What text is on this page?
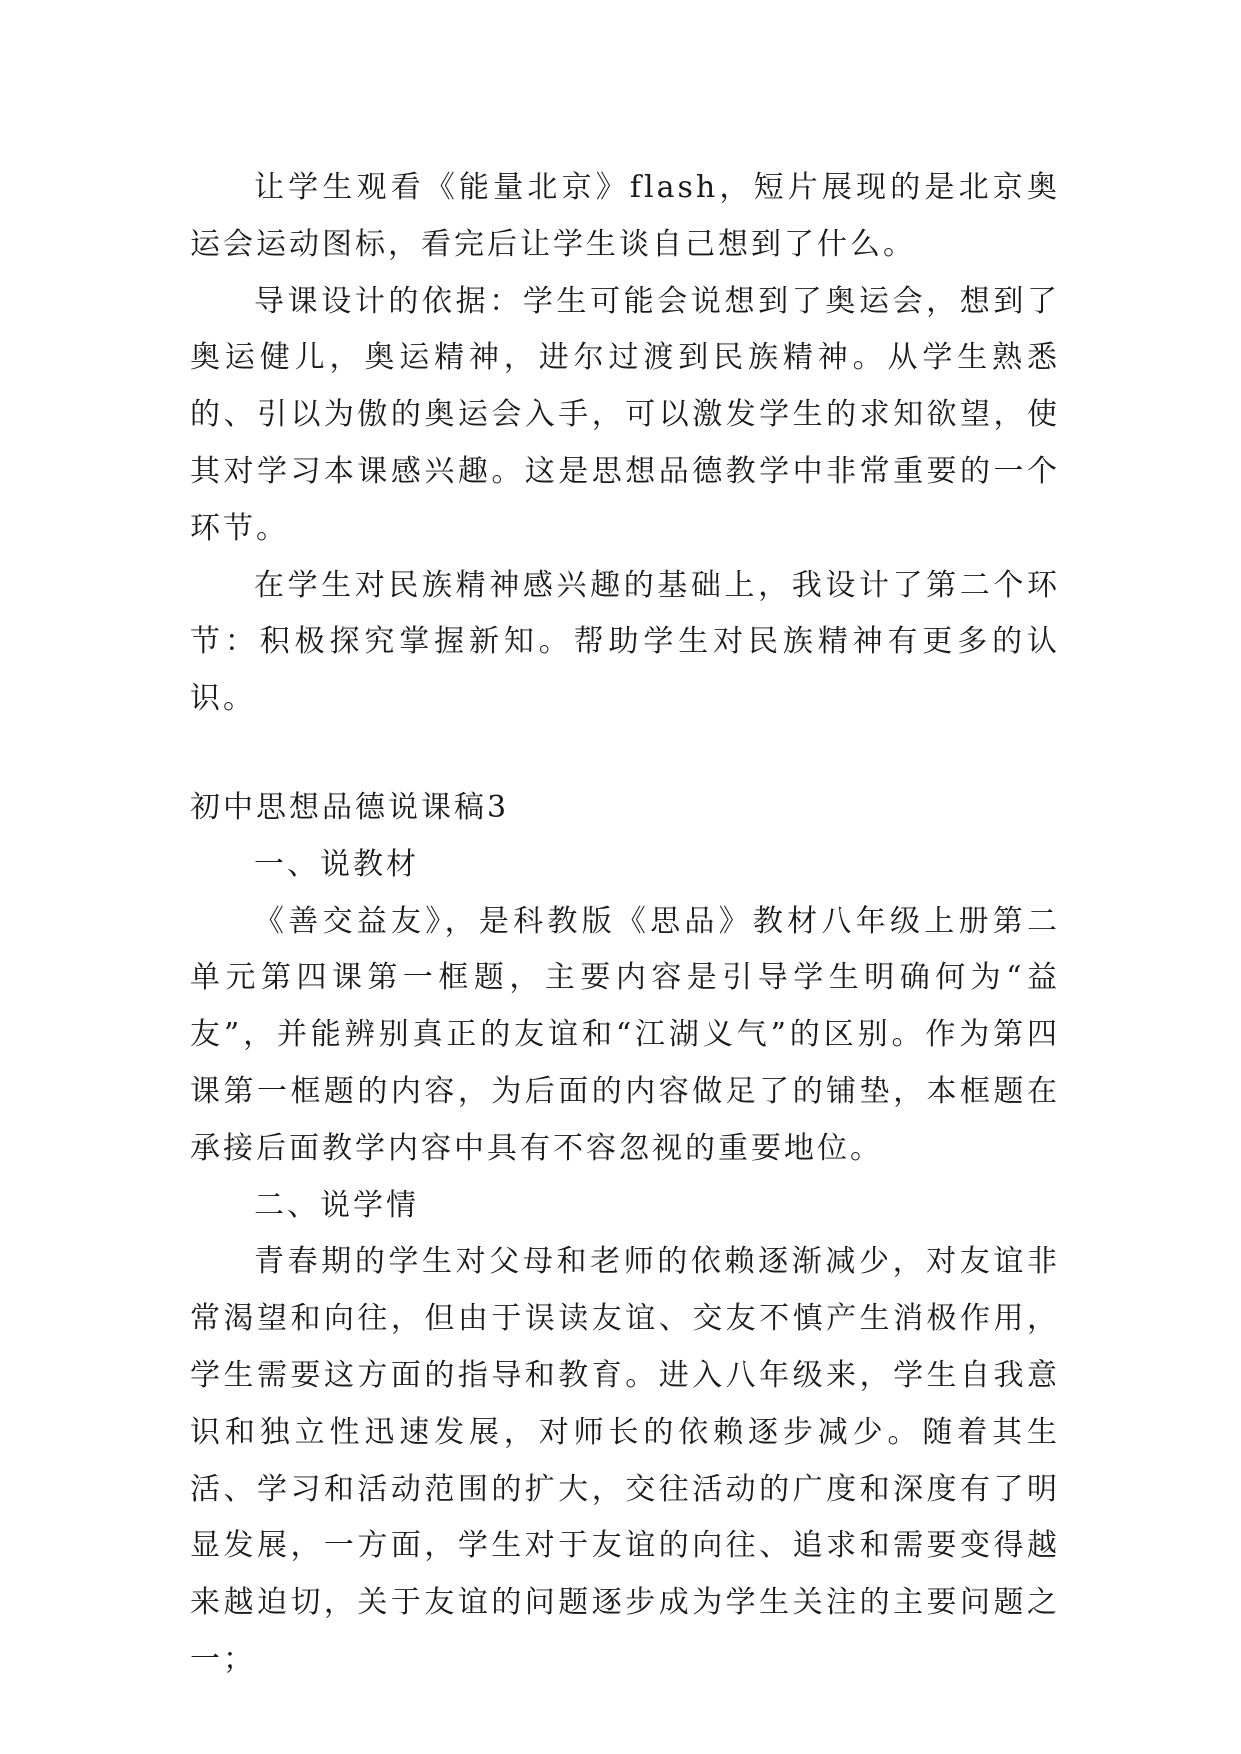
让学生观看《能量北京》flash，短片展现的是北京奥运会运动图标，看完后让学生谈自己想到了什么。

导课设计的依据：学生可能会说想到了奥运会，想到了奥运健儿，奥运精神，进尔过渡到民族精神。从学生熟悉的、引以为傲的奥运会入手，可以激发学生的求知欲望，使其对学习本课感兴趣。这是思想品德教学中非常重要的一个环节。

在学生对民族精神感兴趣的基础上，我设计了第二个环节：积极探究掌握新知。帮助学生对民族精神有更多的认识。

初中思想品德说课稿3

一、说教材

《善交益友》，是科教版《思品》教材八年级上册第二单元第四课第一框题，主要内容是引导学生明确何为“益友”，并能辨别真正的友谊和“江湖义气”的区别。作为第四课第一框题的内容，为后面的内容做足了的铺垫，本框题在承接后面教学内容中具有不容忽视的重要地位。

二、说学情

青春期的学生对父母和老师的依赖逐渐减少，对友谊非常渴望和向往，但由于误读友谊、交友不慎产生消极作用，学生需要这方面的指导和教育。进入八年级来，学生自我意识和独立性迅速发展，对师长的依赖逐步减少。随着其生活、学习和活动范围的扩大，交往活动的广度和深度有了明显发展，一方面，学生对于友谊的向往、追求和需要变得越来越迫切，关于友谊的问题逐步成为学生关注的主要问题之一；
